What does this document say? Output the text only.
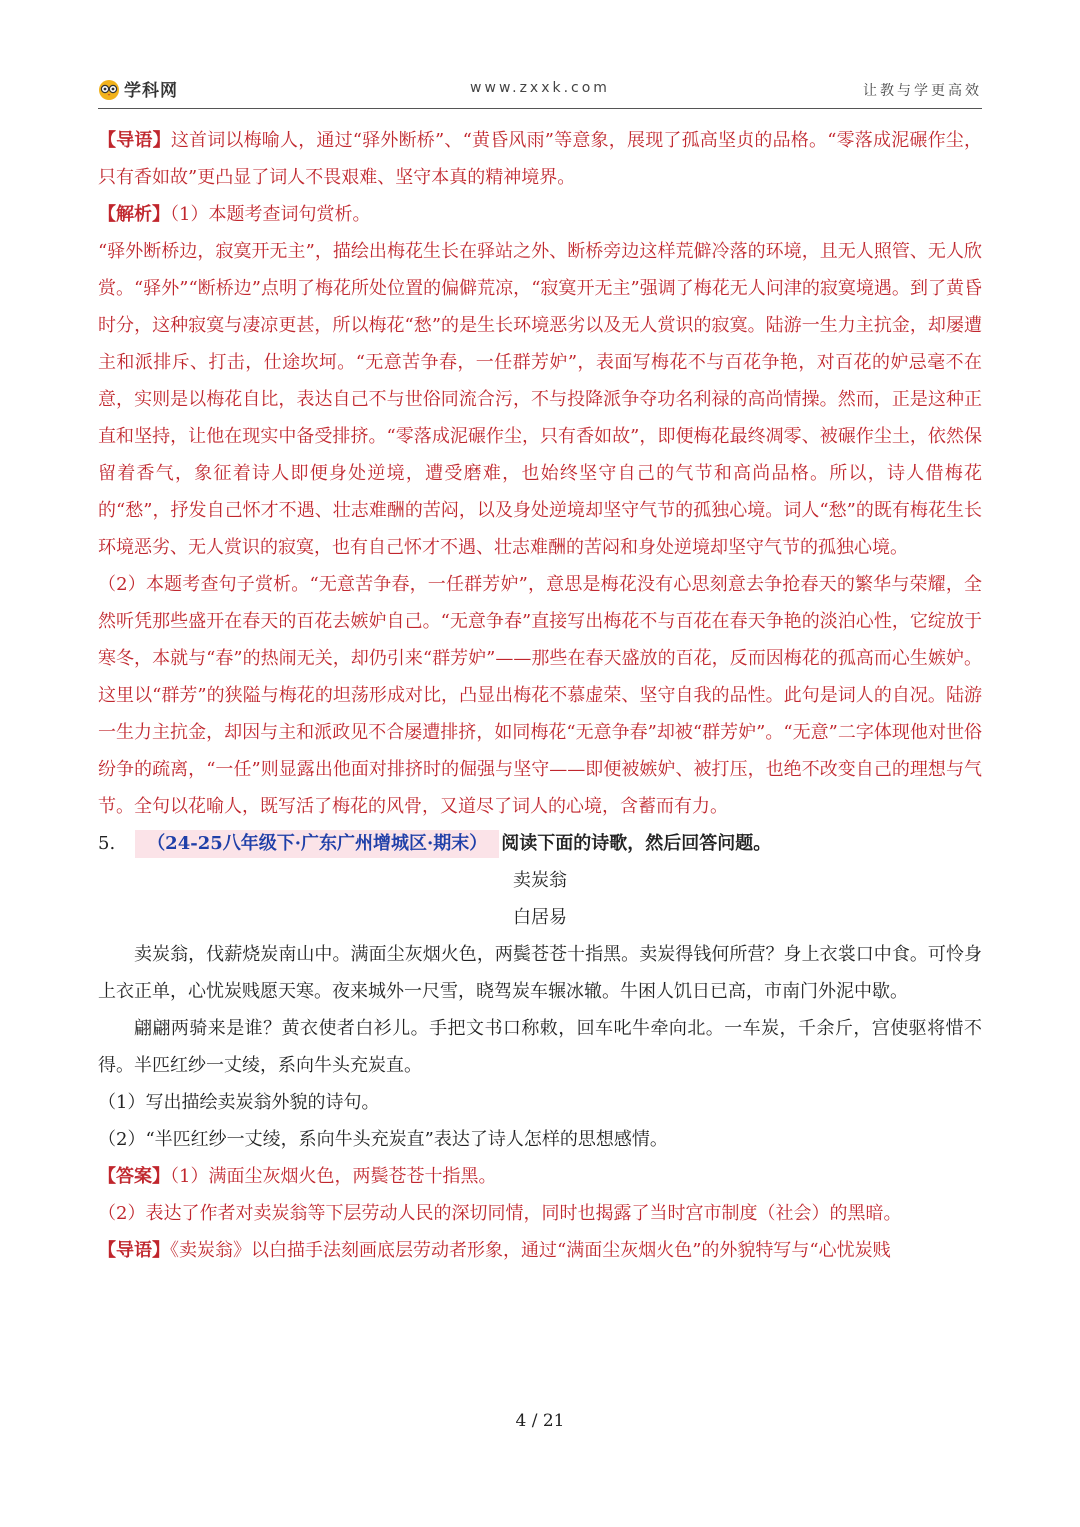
学科网	www.zxxk.com	让教与学更高效

【导语】这首词以梅喻人，通过“驿外断桥”、“黄昏风雨”等意象，展现了孤高坚贞的品格。“零落成泥碾作尘，只有香如故”更凸显了词人不畏艰难、坚守本真的精神境界。

【解析】（1）本题考查词句赏析。

“驿外断桥边，寂寞开无主”，描绘出梅花生长在驿站之外、断桥旁边这样荒僻冷落的环境，且无人照管、无人欣赏。“驿外”“断桥边”点明了梅花所处位置的偏僻荒凉，“寂寞开无主”强调了梅花无人问津的寂寞境遇。到了黄昏时分，这种寂寞与凄凉更甚，所以梅花“愁”的是生长环境恶劣以及无人赏识的寂寞。陆游一生力主抗金，却屡遭主和派排斥、打击，仕途坎坷。“无意苦争春，一任群芳妒”，表面写梅花不与百花争艳，对百花的妒忌毫不在意，实则是以梅花自比，表达自己不与世俗同流合污，不与投降派争夺功名利禄的高尚情操。然而，正是这种正直和坚持，让他在现实中备受排挤。“零落成泥碾作尘，只有香如故”，即便梅花最终凋零、被碾作尘土，依然保留着香气，象征着诗人即便身处逆境，遭受磨难，也始终坚守自己的气节和高尚品格。所以，诗人借梅花的“愁”，抒发自己怀才不遇、壮志难酬的苦闷，以及身处逆境却坚守气节的孤独心境。词人“愁”的既有梅花生长环境恶劣、无人赏识的寂寞，也有自己怀才不遇、壮志难酬的苦闷和身处逆境却坚守气节的孤独心境。

（2）本题考查句子赏析。“无意苦争春，一任群芳妒”，意思是梅花没有心思刻意去争抢春天的繁华与荣耀，全然听凭那些盛开在春天的百花去嫉妒自己。“无意争春”直接写出梅花不与百花在春天争艳的淡泊心性，它绽放于寒冬，本就与“春”的热闹无关，却仍引来“群芳妒”——那些在春天盛放的百花，反而因梅花的孤高而心生嫉妒。这里以“群芳”的狭隘与梅花的坦荡形成对比，凸显出梅花不慕虚荣、坚守自我的品性。此句是词人的自况。陆游一生力主抗金，却因与主和派政见不合屡遭排挤，如同梅花“无意争春”却被“群芳妒”。“无意”二字体现他对世俗纷争的疏离，“一任”则显露出他面对排挤时的倔强与坚守——即便被嫉妒、被打压，也绝不改变自己的理想与气节。全句以花喻人，既写活了梅花的风骨，又道尽了词人的心境，含蓄而有力。

5.	（24-25八年级下·广东广州增城区·期末） 阅读下面的诗歌，然后回答问题。

卖炭翁

白居易

卖炭翁，伐薪烧炭南山中。满面尘灰烟火色，两鬓苍苍十指黑。卖炭得钱何所营？身上衣裳口中食。可怜身上衣正单，心忧炭贱愿天寒。夜来城外一尺雪，晓驾炭车辗冰辙。牛困人饥日已高，市南门外泥中歇。

翩翩两骑来是谁？黄衣使者白衫儿。手把文书口称敕，回车叱牛牵向北。一车炭，千余斤，宫使驱将惜不得。半匹红纱一丈绫，系向牛头充炭直。

（1）写出描绘卖炭翁外貌的诗句。

（2）“半匹红纱一丈绫，系向牛头充炭直”表达了诗人怎样的思想感情。

【答案】（1）满面尘灰烟火色，两鬓苍苍十指黑。

（2）表达了作者对卖炭翁等下层劳动人民的深切同情，同时也揭露了当时宫市制度（社会）的黑暗。

【导语】《卖炭翁》以白描手法刻画底层劳动者形象，通过“满面尘灰烟火色”的外貌特写与“心忧炭贱

4 / 21
